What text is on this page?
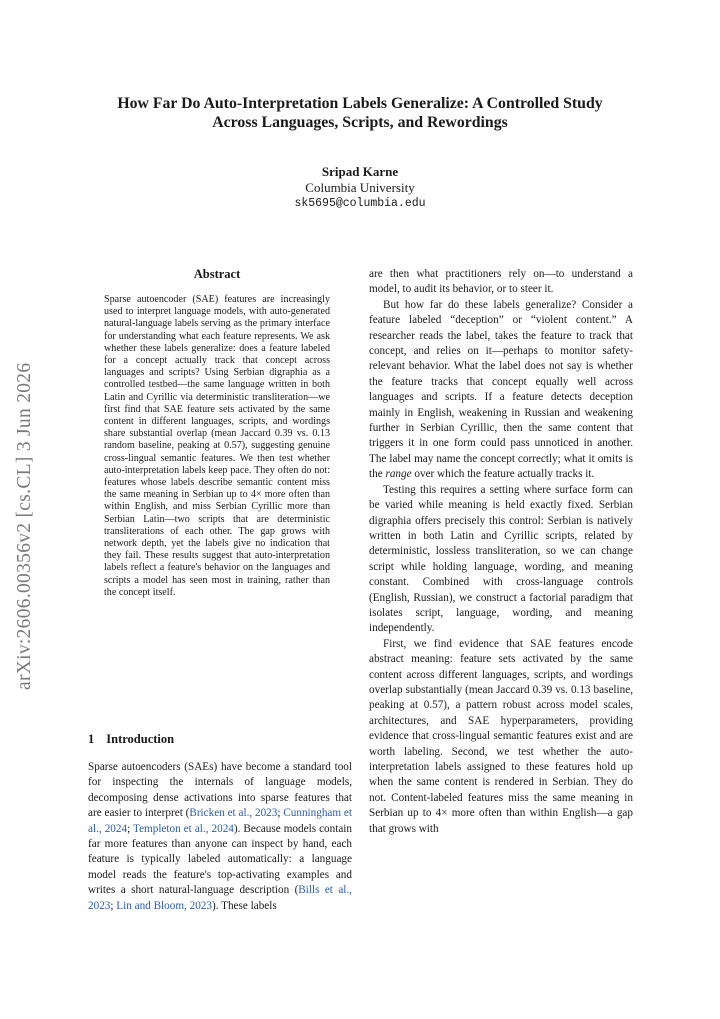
arXiv:2606.00356v2 [cs.CL] 3 Jun 2026
How Far Do Auto-Interpretation Labels Generalize: A Controlled Study
Across Languages, Scripts, and Rewordings
Sripad Karne
Columbia University
sk5695@columbia.edu
Abstract
Sparse autoencoder (SAE) features are increasingly used to interpret language models, with auto-generated natural-language labels serving as the primary interface for understanding what each feature represents. We ask whether these labels generalize: does a feature labeled for a concept actually track that concept across languages and scripts? Using Serbian digraphia as a controlled testbed—the same language written in both Latin and Cyrillic via deterministic transliteration—we first find that SAE feature sets activated by the same content in different languages, scripts, and wordings share substantial overlap (mean Jaccard 0.39 vs. 0.13 random baseline, peaking at 0.57), suggesting genuine cross-lingual semantic features. We then test whether auto-interpretation labels keep pace. They often do not: features whose labels describe semantic content miss the same meaning in Serbian up to 4× more often than within English, and miss Serbian Cyrillic more than Serbian Latin—two scripts that are deterministic transliterations of each other. The gap grows with network depth, yet the labels give no indication that they fail. These results suggest that auto-interpretation labels reflect a feature's behavior on the languages and scripts a model has seen most in training, rather than the concept itself.
1 Introduction
Sparse autoencoders (SAEs) have become a standard tool for inspecting the internals of language models, decomposing dense activations into sparse features that are easier to interpret (Bricken et al., 2023; Cunningham et al., 2024; Templeton et al., 2024). Because models contain far more features than anyone can inspect by hand, each feature is typically labeled automatically: a language model reads the feature's top-activating examples and writes a short natural-language description (Bills et al., 2023; Lin and Bloom, 2023). These labels

are then what practitioners rely on—to understand a model, to audit its behavior, or to steer it.

But how far do these labels generalize? Consider a feature labeled “deception” or “violent content.” A researcher reads the label, takes the feature to track that concept, and relies on it—perhaps to monitor safety-relevant behavior. What the label does not say is whether the feature tracks that concept equally well across languages and scripts. If a feature detects deception mainly in English, weakening in Russian and weakening further in Serbian Cyrillic, then the same content that triggers it in one form could pass unnoticed in another. The label may name the concept correctly; what it omits is the range over which the feature actually tracks it.

Testing this requires a setting where surface form can be varied while meaning is held exactly fixed. Serbian digraphia offers precisely this control: Serbian is natively written in both Latin and Cyrillic scripts, related by deterministic, lossless transliteration, so we can change script while holding language, wording, and meaning constant. Combined with cross-language controls (English, Russian), we construct a factorial paradigm that isolates script, language, wording, and meaning independently.

First, we find evidence that SAE features encode abstract meaning: feature sets activated by the same content across different languages, scripts, and wordings overlap substantially (mean Jaccard 0.39 vs. 0.13 baseline, peaking at 0.57), a pattern robust across model scales, architectures, and SAE hyperparameters, providing evidence that cross-lingual semantic features exist and are worth labeling. Second, we test whether the auto-interpretation labels assigned to these features hold up when the same content is rendered in Serbian. They do not. Content-labeled features miss the same meaning in Serbian up to 4× more often than within English—a gap that grows with
